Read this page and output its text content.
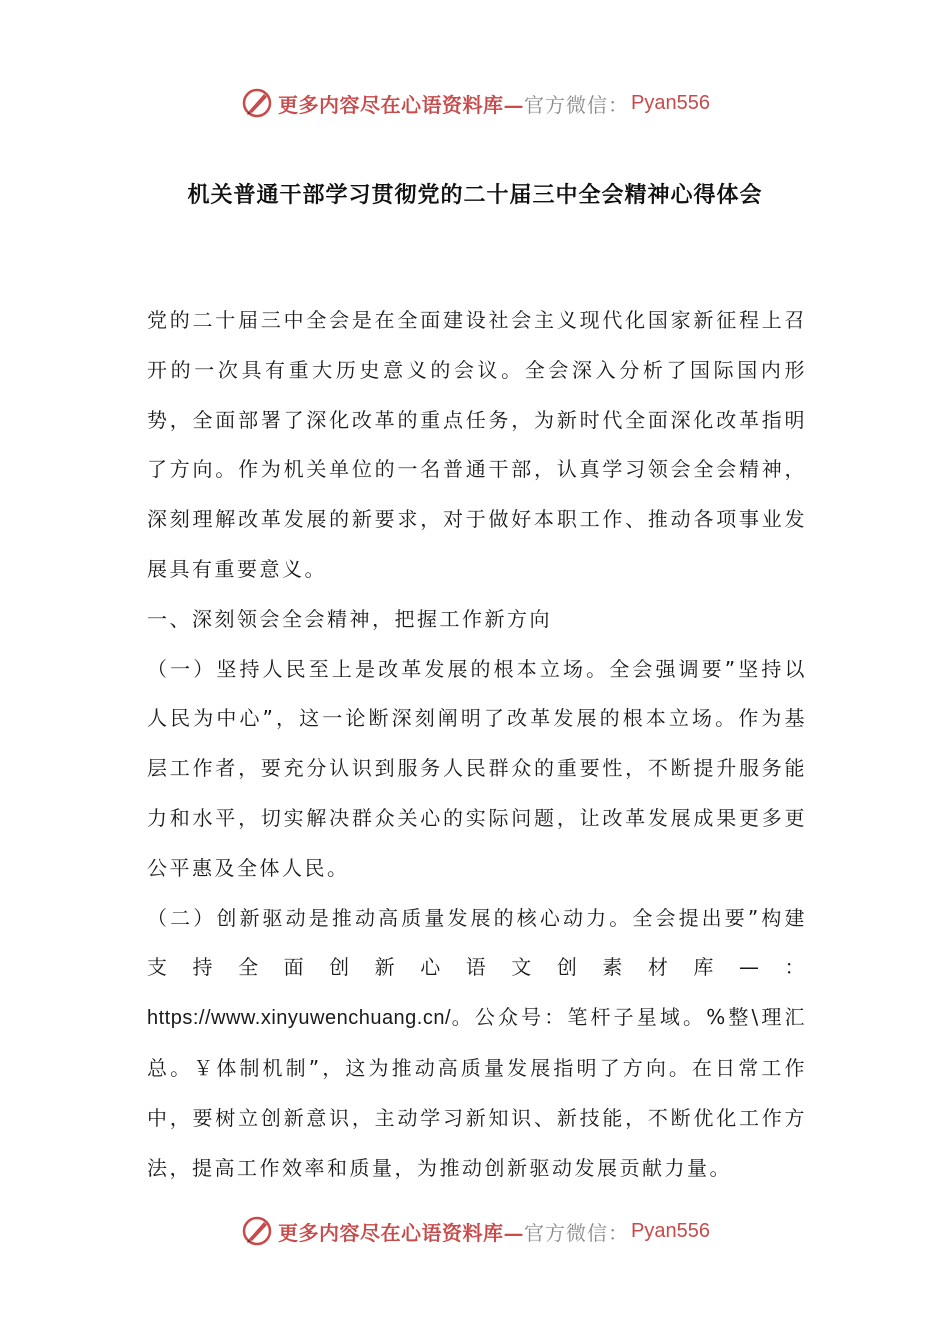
更多内容尽在心语资料库— 官方微信： Pyan556
机关普通干部学习贯彻党的二十届三中全会精神心得体会

党的二十届三中全会是在全面建设社会主义现代化国家新征程上召开的一次具有重大历史意义的会议。全会深入分析了国际国内形势，全面部署了深化改革的重点任务，为新时代全面深化改革指明了方向。作为机关单位的一名普通干部，认真学习领会全会精神，深刻理解改革发展的新要求，对于做好本职工作、推动各项事业发展具有重要意义。

一、深刻领会全会精神，把握工作新方向

（一）坚持人民至上是改革发展的根本立场。全会强调要”坚持以人民为中心”，这一论断深刻阐明了改革发展的根本立场。作为基层工作者，要充分认识到服务人民群众的重要性，不断提升服务能力和水平，切实解决群众关心的实际问题，让改革发展成果更多更公平惠及全体人民。

（二）创新驱动是推动高质量发展的核心动力。全会提出要”构建支持全面创新心语文创素材库—：https://www.xinyuwenchuang.cn/。公众号：笔杆子星域。%整\理汇总。￥体制机制”，这为推动高质量发展指明了方向。在日常工作中，要树立创新意识，主动学习新知识、新技能，不断优化工作方法，提高工作效率和质量，为推动创新驱动发展贡献力量。

更多内容尽在心语资料库— 官方微信： Pyan556
